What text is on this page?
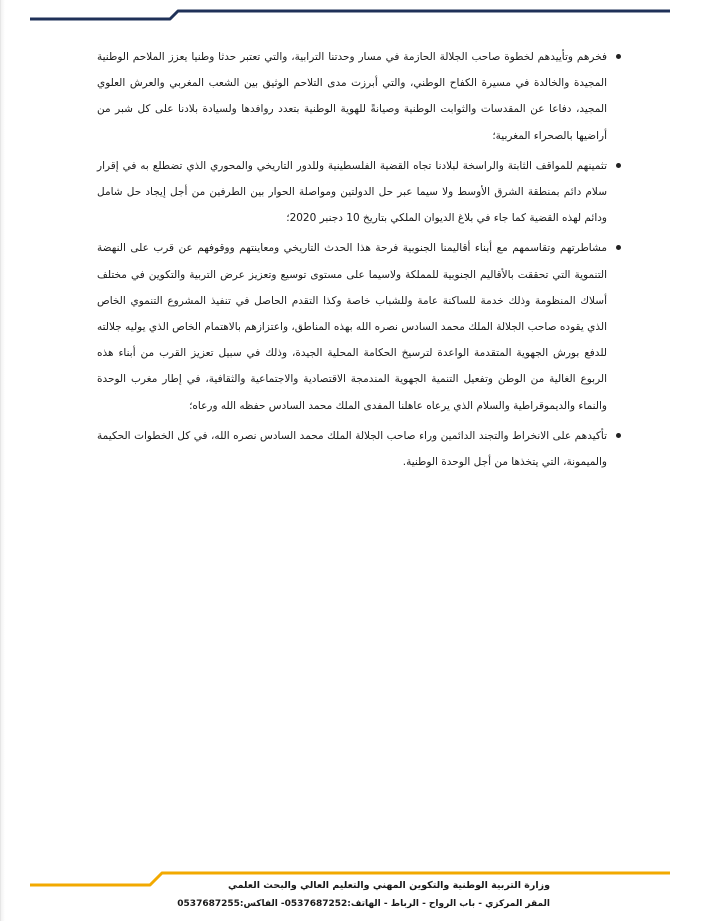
فخرهم وتأييدهم لخطوة صاحب الجلالة الحازمة في مسار وحدتنا الترابية، والتي تعتبر حدثا وطنيا يعزز الملاحم الوطنية المجيدة والخالدة في مسيرة الكفاح الوطني، والتي أبرزت مدى التلاحم الوثيق بين الشعب المغربي والعرش العلوي المجيد، دفاعا عن المقدسات والثوابت الوطنية وصيانةً للهوية الوطنية بتعدد روافدها ولسيادة بلادنا على كل شبر من أراضيها بالصحراء المغربية؛
تثمينهم للمواقف الثابتة والراسخة لبلادنا تجاه القضية الفلسطينية وللدور التاريخي والمحوري الذي تضطلع به في إقرار سلام دائم بمنطقة الشرق الأوسط ولا سيما عبر حل الدولتين ومواصلة الحوار بين الطرفين من أجل إيجاد حل شامل ودائم لهذه القضية كما جاء في بلاغ الديوان الملكي بتاريخ 10 دجنبر 2020؛
مشاطرتهم وتقاسمهم مع أبناء أقاليمنا الجنوبية فرحة هذا الحدث التاريخي ومعاينتهم ووقوفهم عن قرب على النهضة التنموية التي تحققت بالأقاليم الجنوبية للمملكة ولاسيما على مستوى توسيع وتعزيز عرض التربية والتكوين في مختلف أسلاك المنظومة وذلك خدمة للساكنة عامة وللشباب خاصة وكذا التقدم الحاصل في تنفيذ المشروع التنموي الخاص الذي يقوده صاحب الجلالة الملك محمد السادس نصره الله بهذه المناطق، واعتزازهم بالاهتمام الخاص الذي يوليه جلالته للدفع بورش الجهوية المتقدمة الواعدة لترسيخ الحكامة المحلية الجيدة، وذلك في سبيل تعزيز القرب من أبناء هذه الربوع الغالية من الوطن وتفعيل التنمية الجهوية المندمجة الاقتصادية والاجتماعية والثقافية، في إطار مغرب الوحدة والنماء والديموقراطية والسلام الذي يرعاه عاهلنا المفدى الملك محمد السادس حفظه الله ورعاه؛
تأكيدهم على الانخراط والتجند الدائمين وراء صاحب الجلالة الملك محمد السادس نصره الله، في كل الخطوات الحكيمة والميمونة، التي يتخذها من أجل الوحدة الوطنية.
وزارة التربية الوطنية والتكوين المهني والتعليم العالي والبحث العلمي
المقر المركزي - باب الرواح - الرباط - الهاتف:0537687252- الفاكس:0537687255
